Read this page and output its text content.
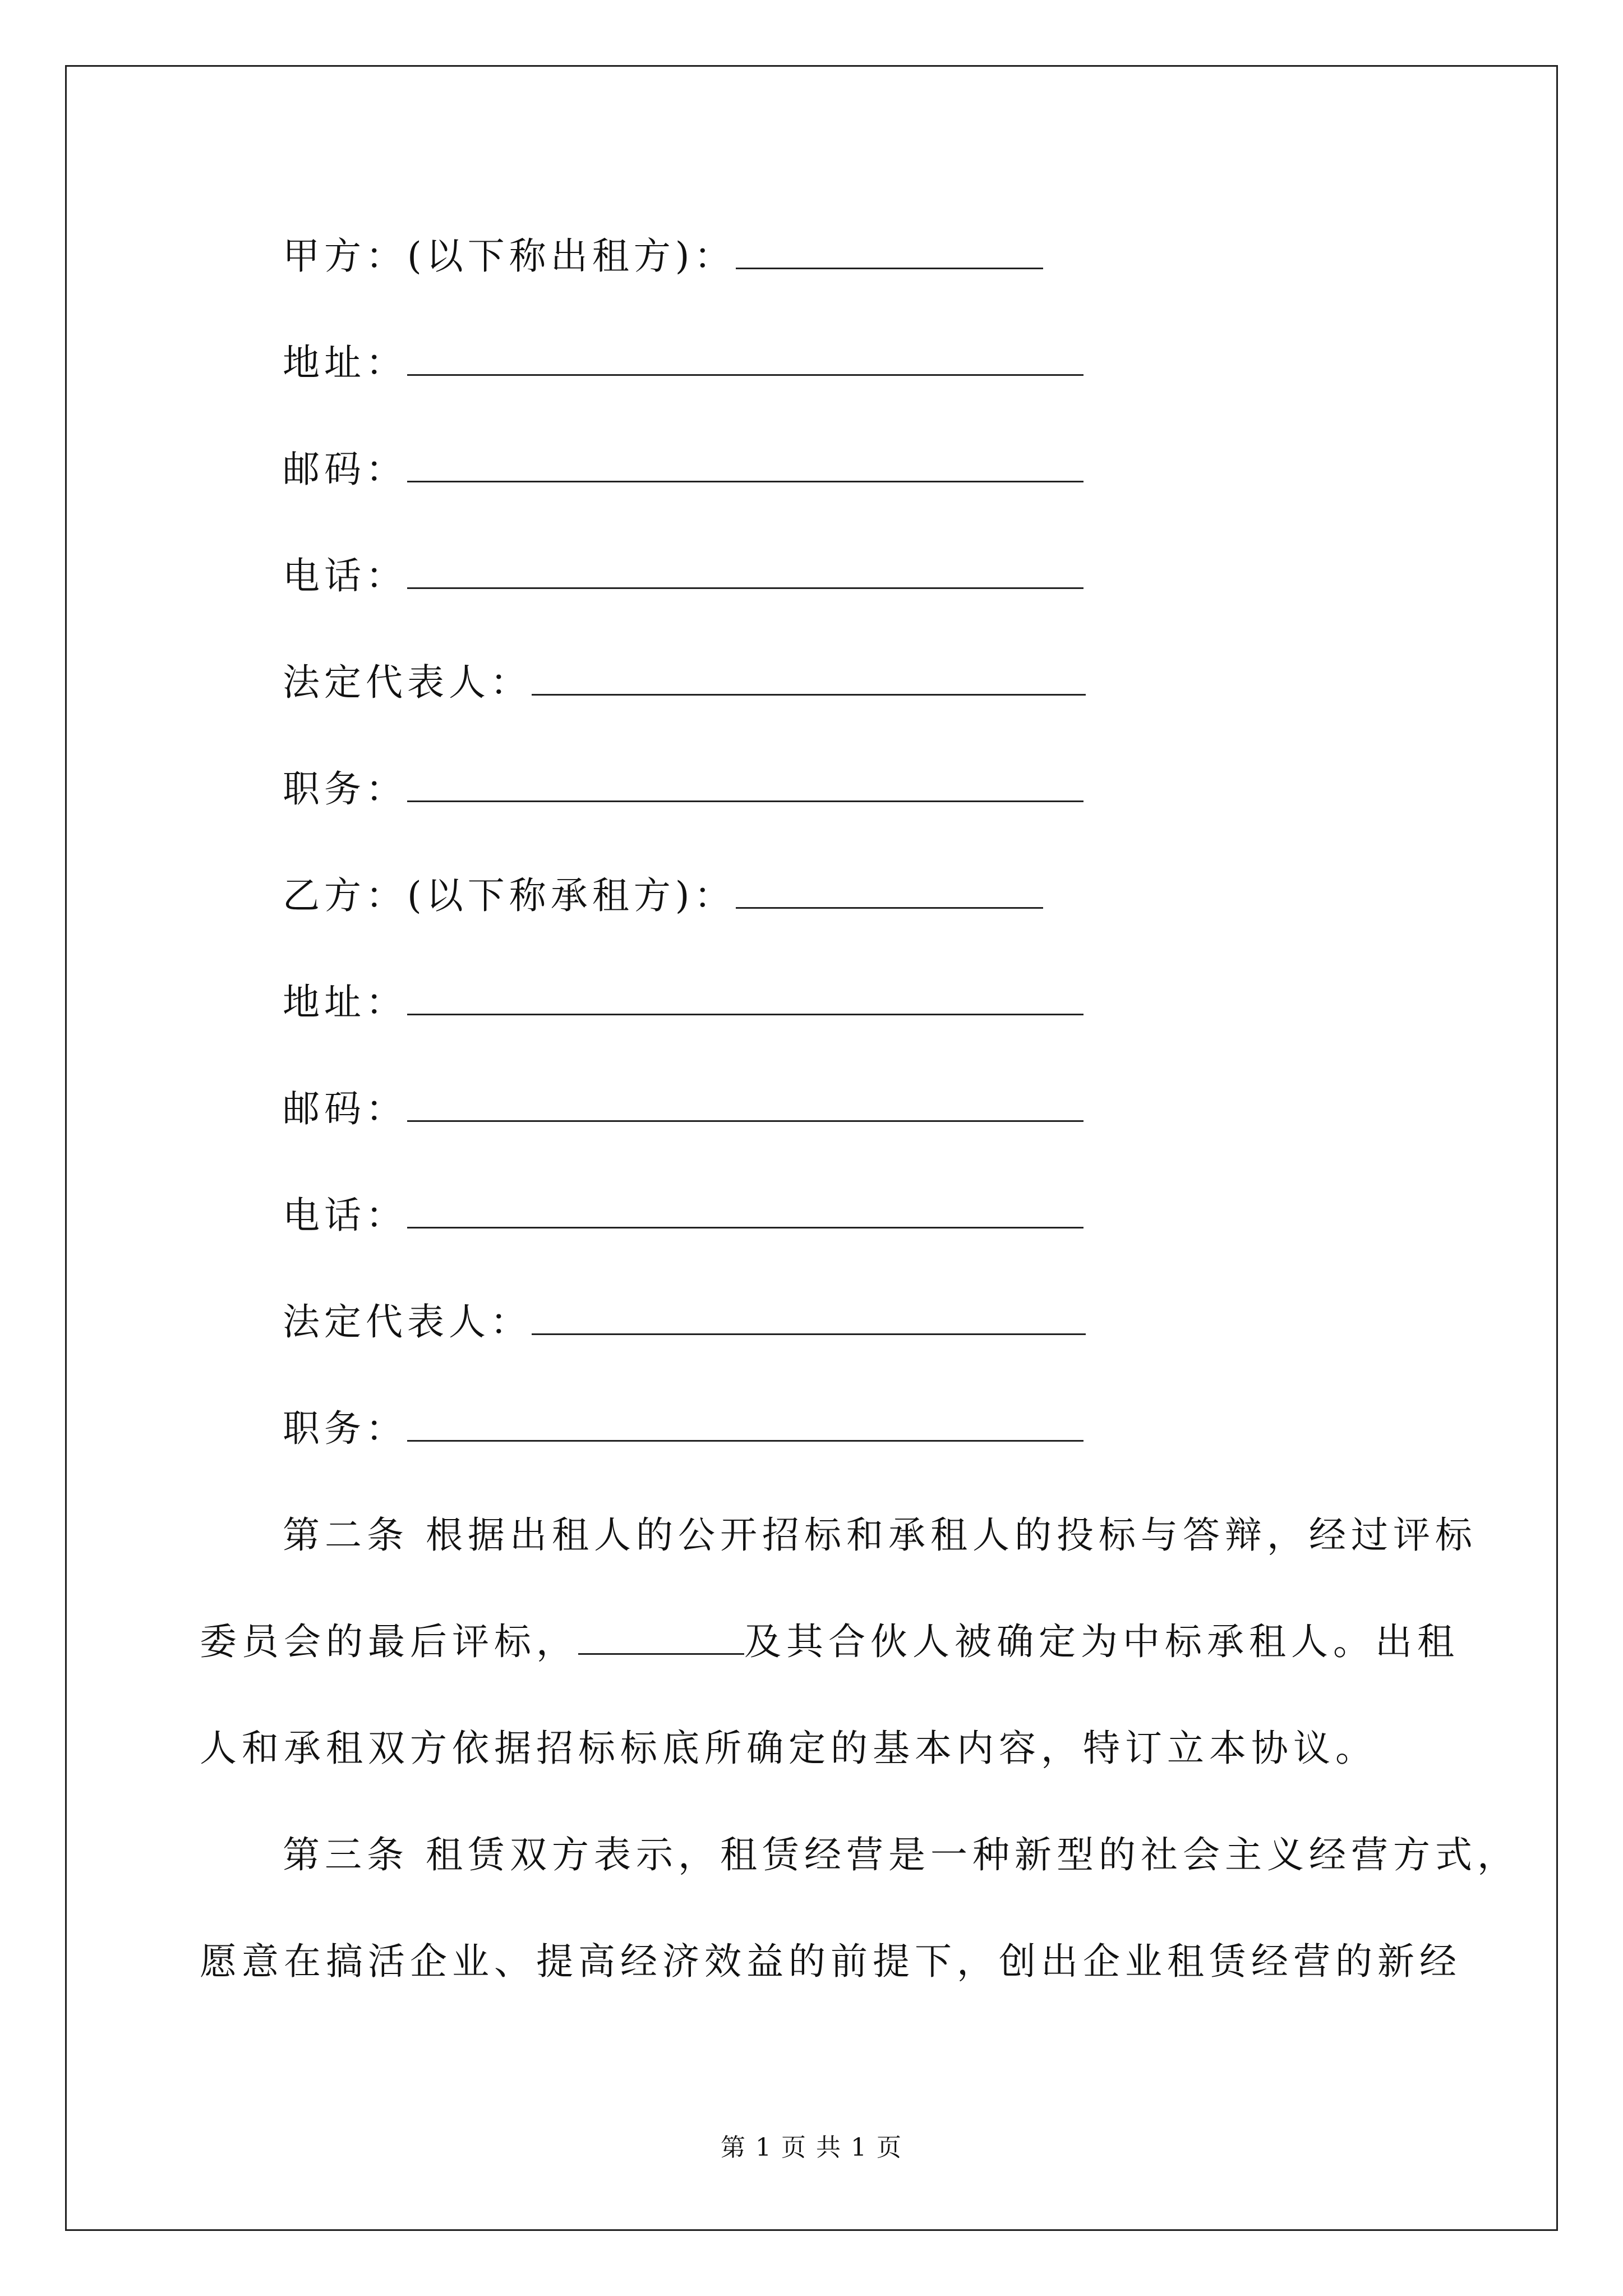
甲方：(以下称出租方)：
地址：
邮码：
电话：
法定代表人：
职务：
乙方：(以下称承租方)：
地址：
邮码：
电话：
法定代表人：
职务：
第二条 根据出租人的公开招标和承租人的投标与答辩，经过评标
委员会的最后评标，	及其合伙人被确定为中标承租人。出租
人和承租双方依据招标标底所确定的基本内容，特订立本协议。
第三条 租赁双方表示，租赁经营是一种新型的社会主义经营方式，
愿意在搞活企业、提高经济效益的前提下，创出企业租赁经营的新经
第 1 页 共 1 页
